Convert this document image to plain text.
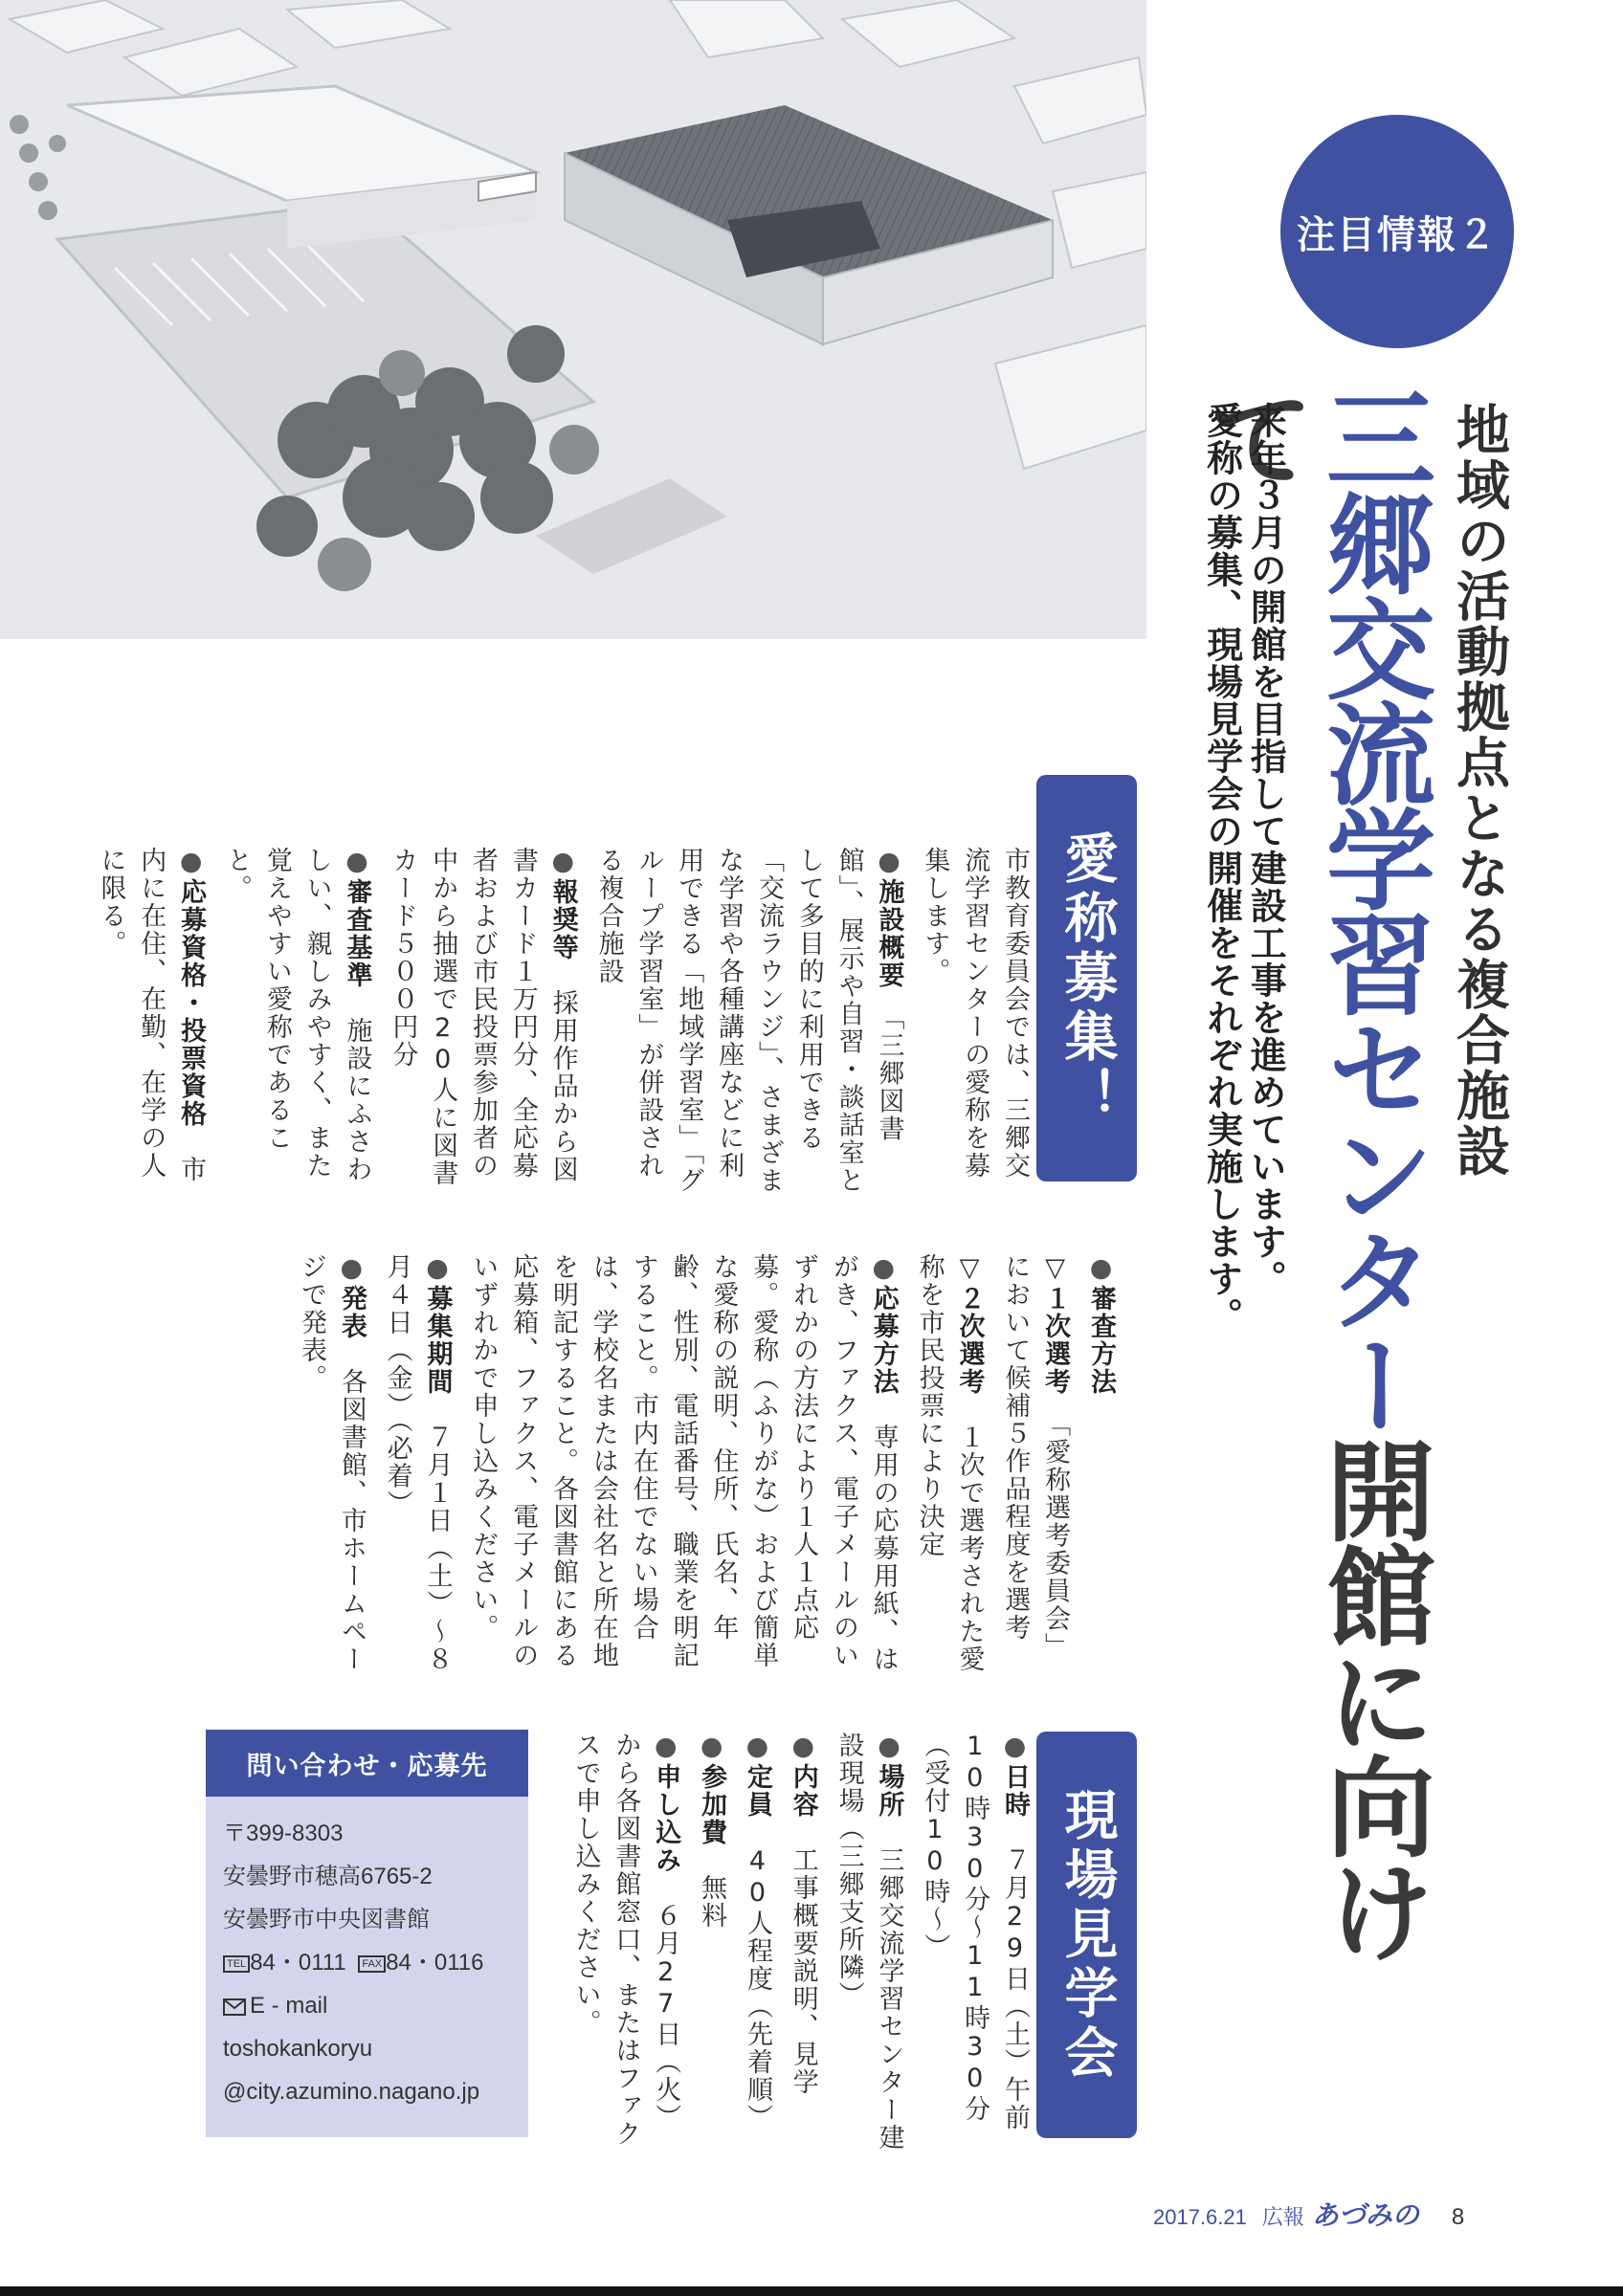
注目情報２
地域の活動拠点となる複合施設
三郷交流学習センター開館に向けて
来年３月の開館を目指して建設工事を進めています。
愛称の募集、現場見学会の開催をそれぞれ実施します。
愛称募集！

市教育委員会では、三郷交流学習センターの愛称を募集します。

●施設概要　「三郷図書館」、展示や自習・談話室として多目的に利用できる「交流ラウンジ」、さまざまな学習や各種講座などに利用できる「地域学習室」「グループ学習室」が併設される複合施設

●報奨等　採用作品から図書カード１万円分、全応募者および市民投票参加者の中から抽選で20人に図書カード５００円分

●審査基準　施設にふさわしい、親しみやすく、また覚えやすい愛称であること。

●応募資格・投票資格　市内に在住、在勤、在学の人に限る。

●審査方法

▽１次選考　「愛称選考委員会」において候補５作品程度を選考

▽２次選考　１次で選考された愛称を市民投票により決定

●応募方法　専用の応募用紙、はがき、ファクス、電子メールのいずれかの方法により１人１点応募。愛称（ふりがな）および簡単な愛称の説明、住所、氏名、年齢、性別、電話番号、職業を明記すること。市内在住でない場合は、学校名または会社名と所在地を明記すること。各図書館にある応募箱、ファクス、電子メールのいずれかで申し込みください。

●募集期間　７月１日（土）～８月４日（金）（必着）

●発表　各図書館、市ホームページで発表。

現場見学会

●日時　７月29日（土）午前10時30分～11時30分（受付10時～）

●場所　三郷交流学習センター建設現場（三郷支所隣）

●内容　工事概要説明、見学

●定員　40人程度（先着順）

●参加費　無料

●申し込み　６月27日（火）から各図書館窓口、またはファクスで申し込みください。

問い合わせ・応募先
〒399-8303
安曇野市穂高6765-2
安曇野市中央図書館
TEL 84・0111 FAX 84・0116
E - mail
toshokankoryu
@city.azumino.nagano.jp
2017.6.21 広報 あづみの 8
